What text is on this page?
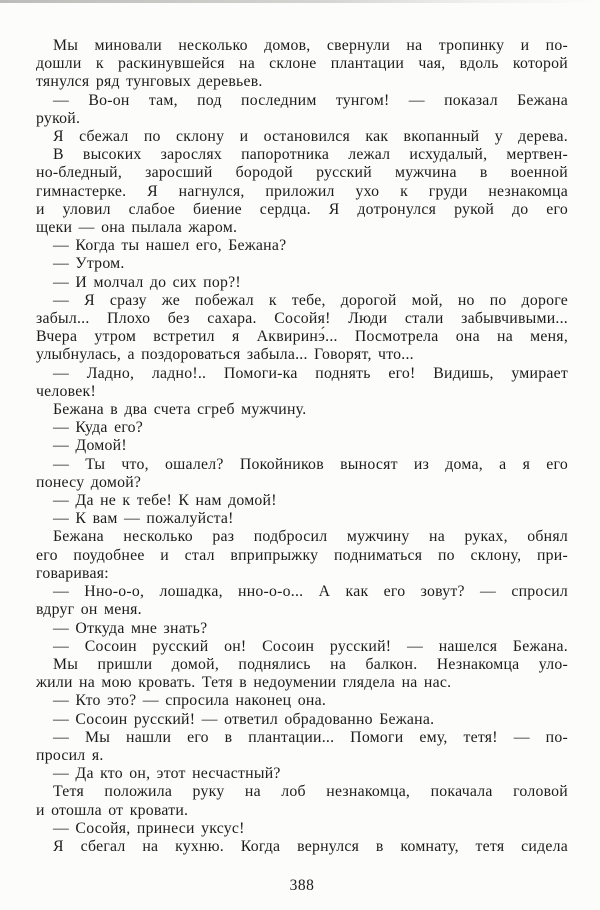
Мы миновали несколько домов, свернули на тропинку и по-
дошли к раскинувшейся на склоне плантации чая, вдоль которой
тянулся ряд тунговых деревьев.
— Во-он там, под последним тунгом! — показал Бежана
рукой.
Я сбежал по склону и остановился как вкопанный у дерева.
В высоких зарослях папоротника лежал исхудалый, мертвен-
но-бледный, заросший бородой русский мужчина в военной
гимнастерке. Я нагнулся, приложил ухо к груди незнакомца
и уловил слабое биение сердца. Я дотронулся рукой до его
щеки — она пылала жаром.
— Когда ты нашел его, Бежана?
— Утром.
— И молчал до сих пор?!
— Я сразу же побежал к тебе, дорогой мой, но по дороге
забыл... Плохо без сахара. Сосойя! Люди стали забывчивыми...
Вчера утром встретил я Аквиринэ́... Посмотрела она на меня,
улыбнулась, а поздороваться забыла... Говорят, что...
— Ладно, ладно!.. Помоги-ка поднять его! Видишь, умирает
человек!
Бежана в два счета сгреб мужчину.
— Куда его?
— Домой!
— Ты что, ошалел? Покойников выносят из дома, а я его
понесу домой?
— Да не к тебе! К нам домой!
— К вам — пожалуйста!
Бежана несколько раз подбросил мужчину на руках, обнял
его поудобнее и стал вприпрыжку подниматься по склону, при-
говаривая:
— Нно-о-о, лошадка, нно-о-о... А как его зовут? — спросил
вдруг он меня.
— Откуда мне знать?
— Сосоин русский он! Сосоин русский! — нашелся Бежана.
Мы пришли домой, поднялись на балкон. Незнакомца уло-
жили на мою кровать. Тетя в недоумении глядела на нас.
— Кто это? — спросила наконец она.
— Сосоин русский! — ответил обрадованно Бежана.
— Мы нашли его в плантации... Помоги ему, тетя! — по-
просил я.
— Да кто он, этот несчастный?
Тетя положила руку на лоб незнакомца, покачала головой
и отошла от кровати.
— Сосойя, принеси уксус!
Я сбегал на кухню. Когда вернулся в комнату, тетя сидела
388
